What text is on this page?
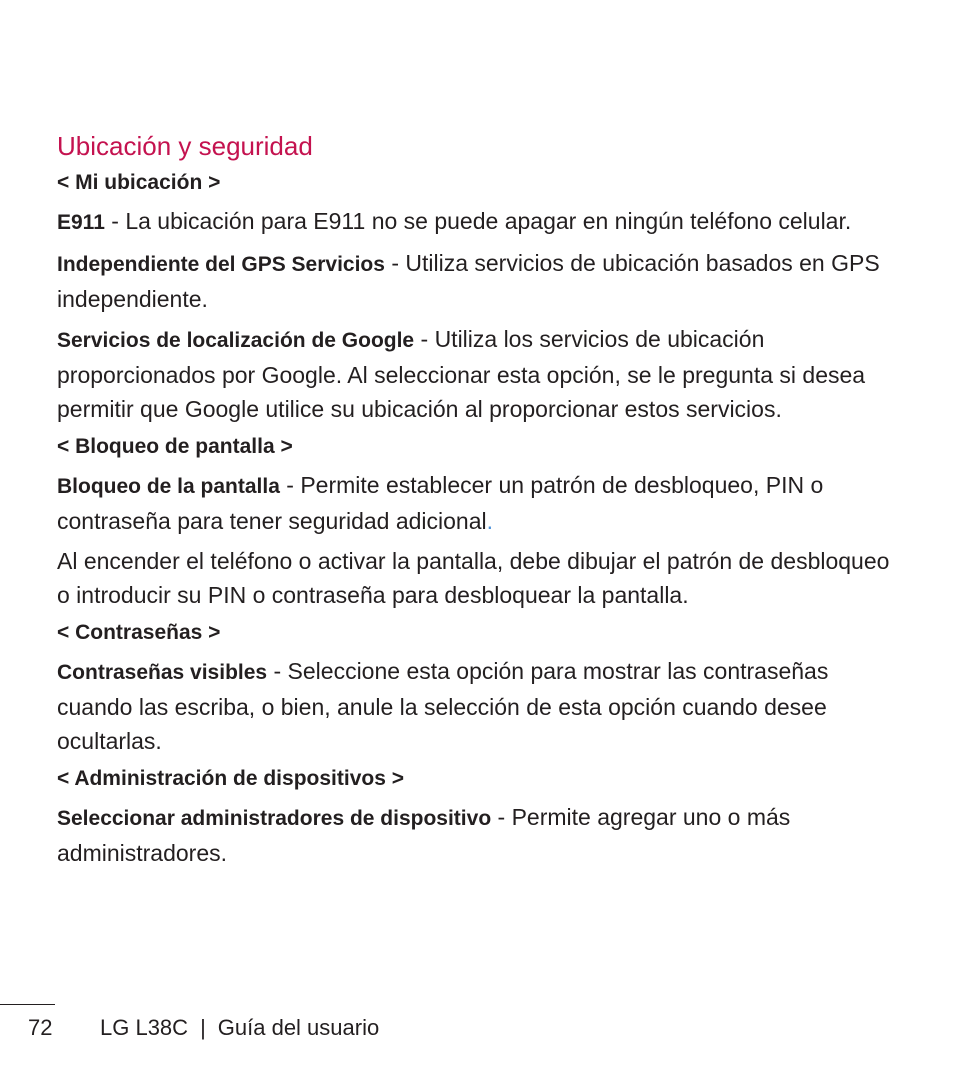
Ubicación y seguridad
< Mi ubicación >

E911 - La ubicación para E911 no se puede apagar en ningún teléfono celular.

Independiente del GPS Servicios - Utiliza servicios de ubicación basados en GPS independiente.

Servicios de localización de Google - Utiliza los servicios de ubicación proporcionados por Google. Al seleccionar esta opción, se le pregunta si desea permitir que Google utilice su ubicación al proporcionar estos servicios.

< Bloqueo de pantalla >

Bloqueo de la pantalla - Permite establecer un patrón de desbloqueo, PIN o contraseña para tener seguridad adicional.

Al encender el teléfono o activar la pantalla, debe dibujar el patrón de desbloqueo o introducir su PIN o contraseña para desbloquear la pantalla.

< Contraseñas >

Contraseñas visibles - Seleccione esta opción para mostrar las contraseñas cuando las escriba, o bien, anule la selección de esta opción cuando desee ocultarlas.

< Administración de dispositivos >

Seleccionar administradores de dispositivo - Permite agregar uno o más administradores.

72 LG L38C | Guía del usuario
